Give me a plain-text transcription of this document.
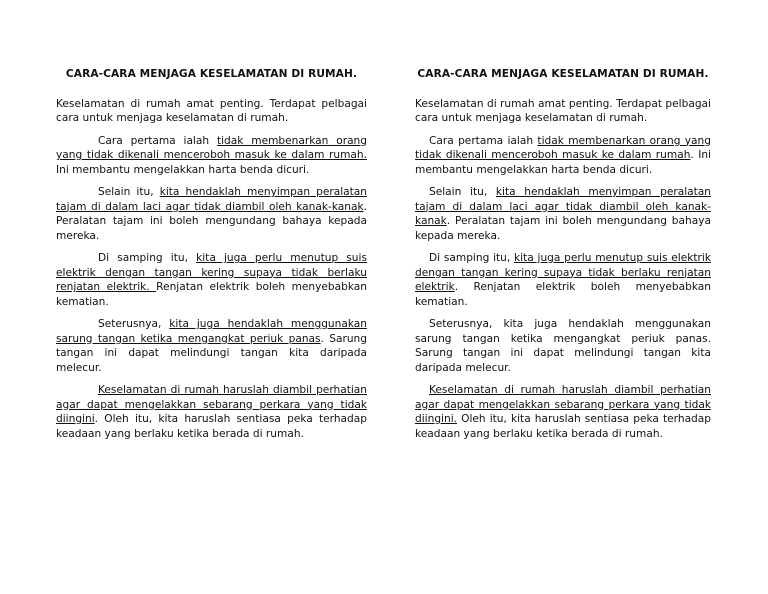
CARA-CARA MENJAGA KESELAMATAN DI RUMAH.

Keselamatan di rumah amat penting. Terdapat pelbagai cara untuk menjaga keselamatan di rumah.

Cara pertama ialah tidak membenarkan orang yang tidak dikenali menceroboh masuk ke dalam rumah. Ini membantu mengelakkan harta benda dicuri.

Selain itu, kita hendaklah menyimpan peralatan tajam di dalam laci agar tidak diambil oleh kanak-kanak. Peralatan tajam ini boleh mengundang bahaya kepada mereka.

Di samping itu, kita juga perlu menutup suis elektrik dengan tangan kering supaya tidak berlaku renjatan elektrik. Renjatan elektrik boleh menyebabkan kematian.

Seterusnya, kita juga hendaklah menggunakan sarung tangan ketika mengangkat periuk panas. Sarung tangan ini dapat melindungi tangan kita daripada melecur.

Keselamatan di rumah haruslah diambil perhatian agar dapat mengelakkan sebarang perkara yang tidak diingini. Oleh itu, kita haruslah sentiasa peka terhadap keadaan yang berlaku ketika berada di rumah.

CARA-CARA MENJAGA KESELAMATAN DI RUMAH.

Keselamatan di rumah amat penting. Terdapat pelbagai cara untuk menjaga keselamatan di rumah.

Cara pertama ialah tidak membenarkan orang yang tidak dikenali menceroboh masuk ke dalam rumah. Ini membantu mengelakkan harta benda dicuri.

Selain itu, kita hendaklah menyimpan peralatan tajam di dalam laci agar tidak diambil oleh kanak-kanak. Peralatan tajam ini boleh mengundang bahaya kepada mereka.

Di samping itu, kita juga perlu menutup suis elektrik dengan tangan kering supaya tidak berlaku renjatan elektrik. Renjatan elektrik boleh menyebabkan kematian.

Seterusnya, kita juga hendaklah menggunakan sarung tangan ketika mengangkat periuk panas. Sarung tangan ini dapat melindungi tangan kita daripada melecur.

Keselamatan di rumah haruslah diambil perhatian agar dapat mengelakkan sebarang perkara yang tidak diingini. Oleh itu, kita haruslah sentiasa peka terhadap keadaan yang berlaku ketika berada di rumah.
